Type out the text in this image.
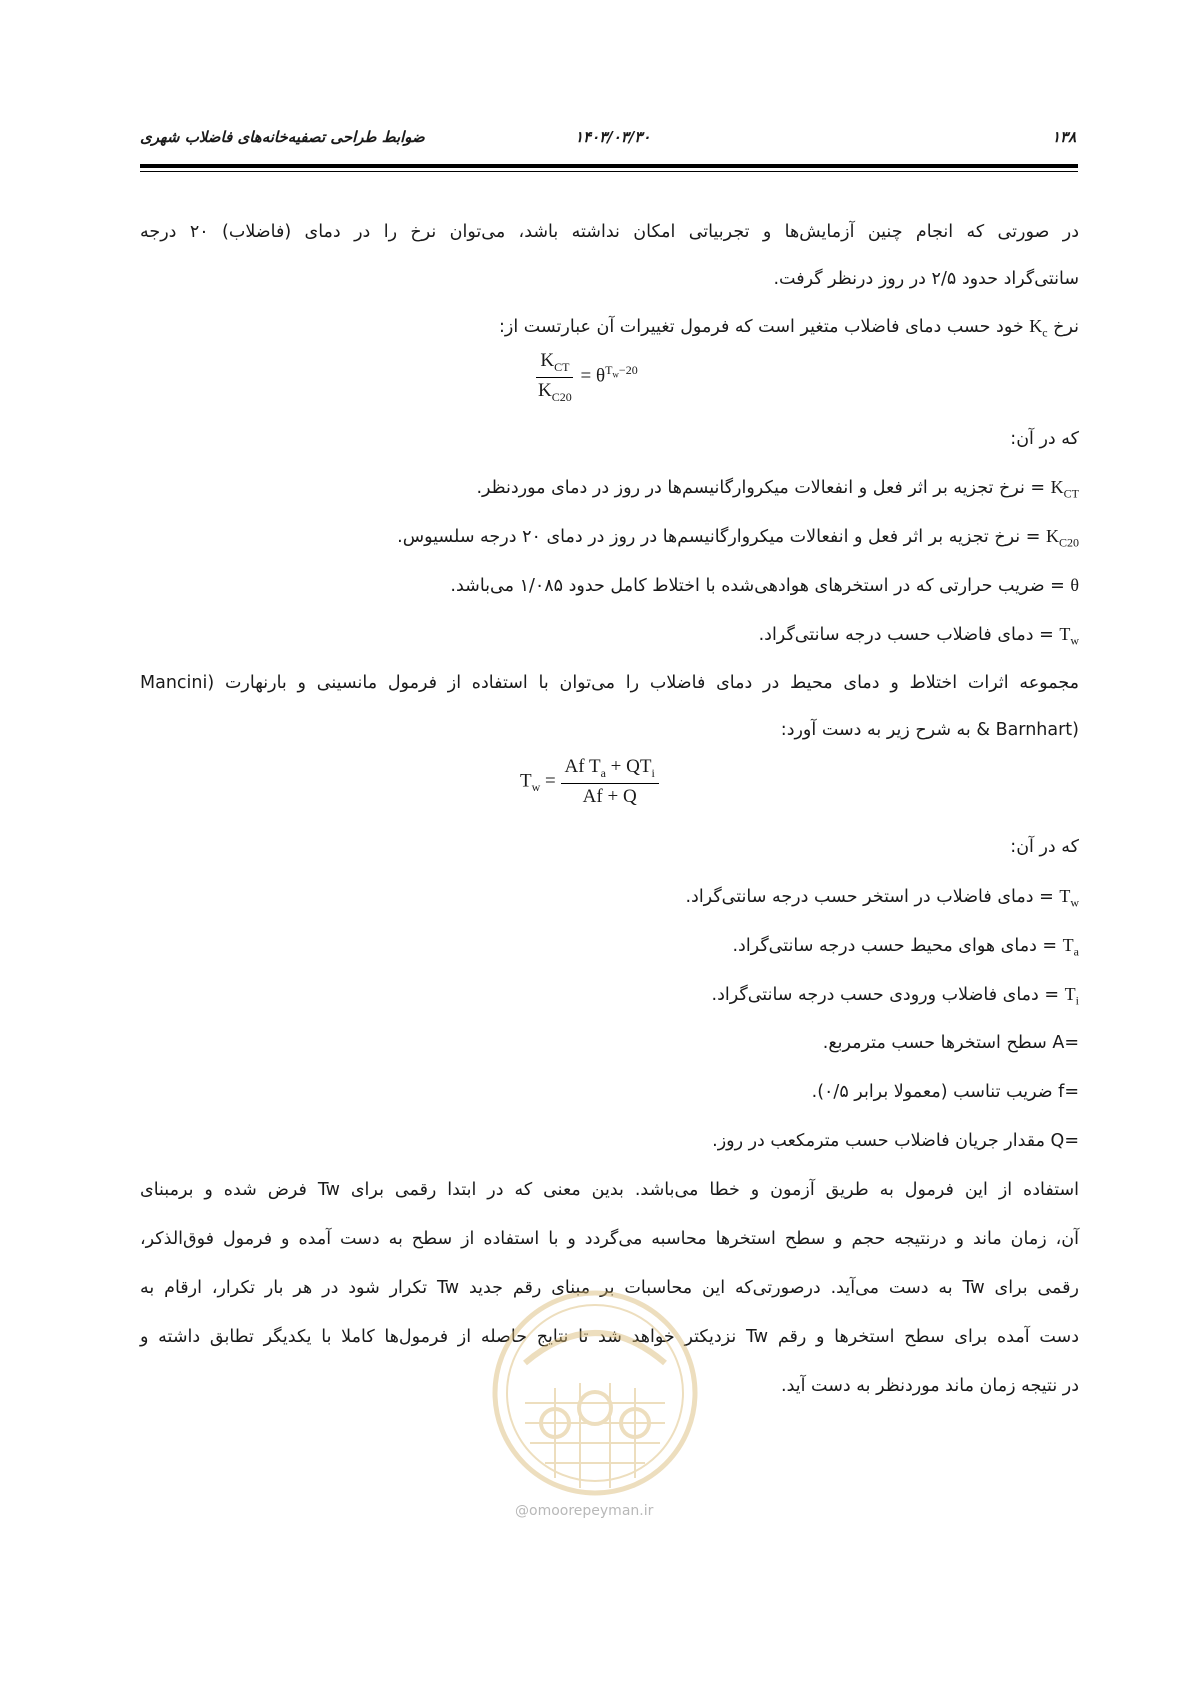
ضوابط طراحی تصفیه‌خانه‌های فاضلاب شهری	۱۴۰۳/۰۳/۳۰	۱۳۸
در صورتی که انجام چنین آزمایش‌ها و تجربیاتی امکان نداشته باشد، می‌توان نرخ را در دمای (فاضلاب) ۲۰ درجه
سانتی‌گراد حدود ۲/۵ در روز درنظر گرفت.
نرخ $K_c$ خود حسب دمای فاضلاب متغیر است که فرمول تغییرات آن عبارتست از:
$\frac{K_{CT}}{K_{C20}} = \theta^{T_w-20}$
که در آن:
$K_{CT}$ = نرخ تجزیه بر اثر فعل و انفعالات میکروارگانیسم‌ها در روز در دمای موردنظر.
$K_{C20}$ = نرخ تجزیه بر اثر فعل و انفعالات میکروارگانیسم‌ها در روز در دمای ۲۰ درجه سلسیوس.
θ = ضریب حرارتی که در استخرهای هوادهی‌شده با اختلاط کامل حدود ۱/۰۸۵ می‌باشد.
$T_w$ = دمای فاضلاب حسب درجه سانتی‌گراد.
مجموعه اثرات اختلاط و دمای محیط در دمای فاضلاب را می‌توان با استفاده از فرمول مانسینی و بارنهارت (Mancini
(Barnhart & به شرح زیر به دست آورد:
$T_w = \frac{Af T_a + QT_i}{Af + Q}$
که در آن:
$T_w$ = دمای فاضلاب در استخر حسب درجه سانتی‌گراد.
$T_a$ = دمای هوای محیط حسب درجه سانتی‌گراد.
$T_i$ = دمای فاضلاب ورودی حسب درجه سانتی‌گراد.
=A سطح استخرها حسب مترمربع.
=f ضریب تناسب (معمولا برابر ۰/۵).
=Q مقدار جریان فاضلاب حسب مترمکعب در روز.
استفاده از این فرمول به طریق آزمون و خطا می‌باشد. بدین معنی که در ابتدا رقمی برای Tw فرض شده و برمبنای
آن، زمان ماند و درنتیجه حجم و سطح استخرها محاسبه می‌گردد و با استفاده از سطح به دست آمده و فرمول فوق‌الذکر،
رقمی برای Tw به دست می‌آید. درصورتی‌که این محاسبات بر مبنای رقم جدید Tw تکرار شود در هر بار تکرار، ارقام به
دست آمده برای سطح استخرها و رقم Tw نزدیکتر خواهد شد تا نتایج حاصله از فرمول‌ها کاملا با یکدیگر تطابق داشته و
در نتیجه زمان ماند موردنظر به دست آید.
@omoorepeyman.ir
